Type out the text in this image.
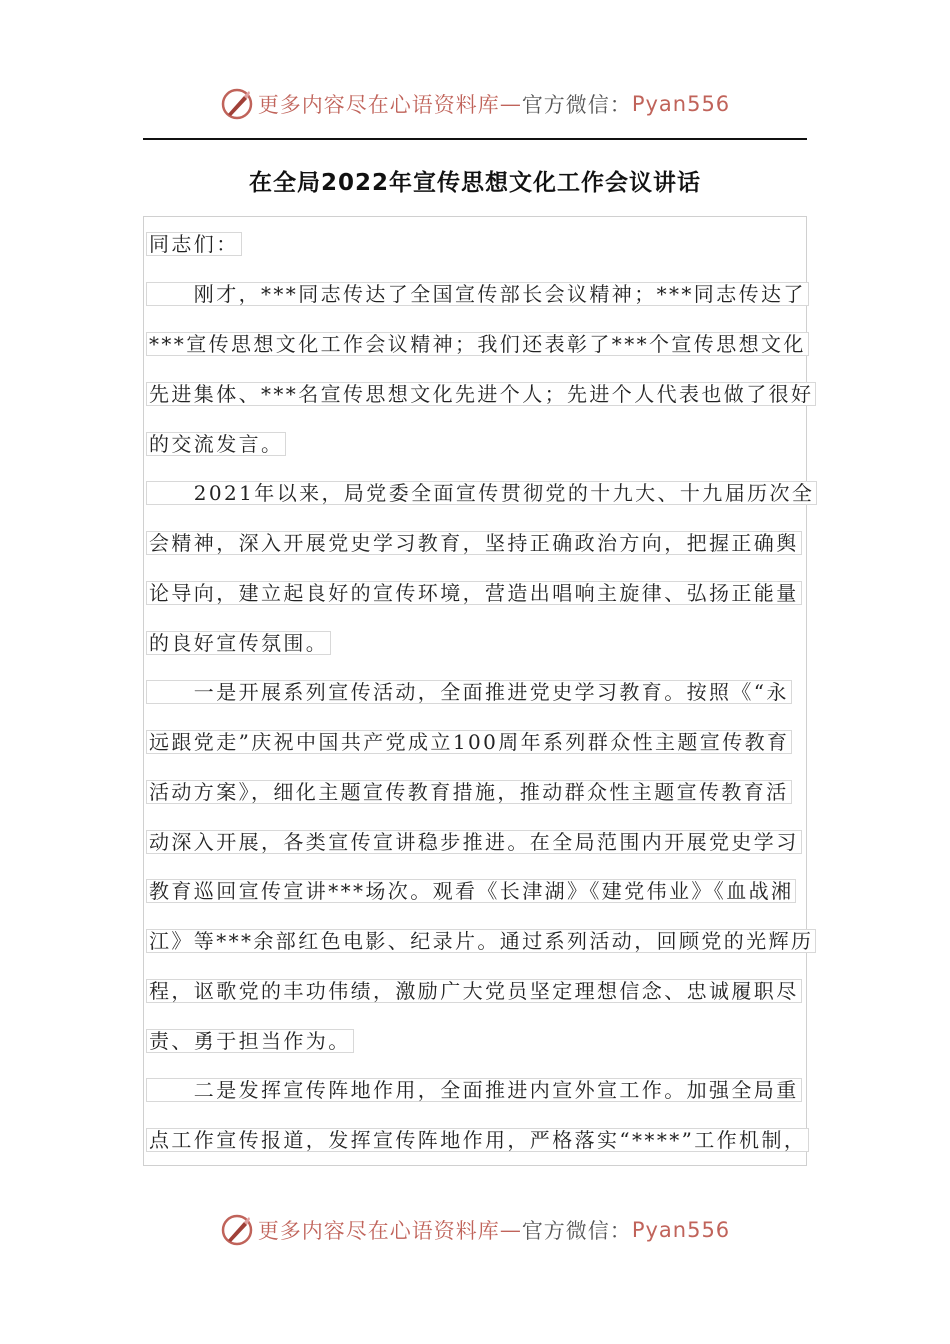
更多内容尽在心语资料库 — 官方微信： Pyan556
在全局2022年宣传思想文化工作会议讲话
同志们：
　　刚才，***同志传达了全国宣传部长会议精神；***同志传达了
***宣传思想文化工作会议精神；我们还表彰了***个宣传思想文化
先进集体、***名宣传思想文化先进个人；先进个人代表也做了很好
的交流发言。
　　2021年以来，局党委全面宣传贯彻党的十九大、十九届历次全
会精神，深入开展党史学习教育，坚持正确政治方向，把握正确舆
论导向，建立起良好的宣传环境，营造出唱响主旋律、弘扬正能量
的良好宣传氛围。
　　一是开展系列宣传活动，全面推进党史学习教育。按照《“永
远跟党走”庆祝中国共产党成立100周年系列群众性主题宣传教育
活动方案》，细化主题宣传教育措施，推动群众性主题宣传教育活
动深入开展，各类宣传宣讲稳步推进。在全局范围内开展党史学习
教育巡回宣传宣讲***场次。观看《长津湖》《建党伟业》《血战湘
江》等***余部红色电影、纪录片。通过系列活动，回顾党的光辉历
程，讴歌党的丰功伟绩，激励广大党员坚定理想信念、忠诚履职尽
责、勇于担当作为。
　　二是发挥宣传阵地作用，全面推进内宣外宣工作。加强全局重
点工作宣传报道，发挥宣传阵地作用，严格落实“****”工作机制，
更多内容尽在心语资料库 — 官方微信： Pyan556
